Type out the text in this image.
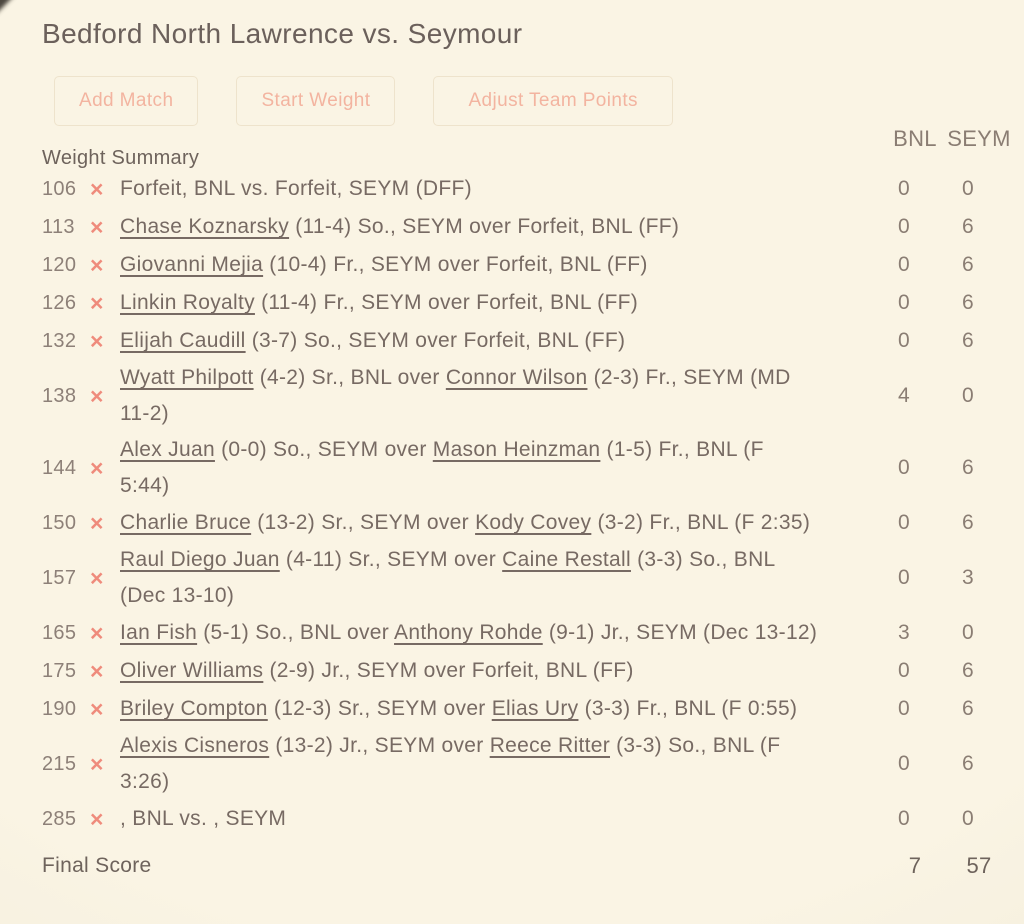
Bedford North Lawrence vs. Seymour
Add Match	Start Weight	Adjust Team Points
Weight Summary
BNL SEYM
106 × Forfeit, BNL vs. Forfeit, SEYM (DFF)	0	0
113 × Chase Koznarsky (11-4) So., SEYM over Forfeit, BNL (FF)	0	6
120 × Giovanni Mejia (10-4) Fr., SEYM over Forfeit, BNL (FF)	0	6
126 × Linkin Royalty (11-4) Fr., SEYM over Forfeit, BNL (FF)	0	6
132 × Elijah Caudill (3-7) So., SEYM over Forfeit, BNL (FF)	0	6
138 ×
Wyatt Philpott (4-2) Sr., BNL over Connor Wilson (2-3) Fr., SEYM (MD
11-2)
4	0
144 ×
Alex Juan (0-0) So., SEYM over Mason Heinzman (1-5) Fr., BNL (F
5:44)
0	6
150 × Charlie Bruce (13-2) Sr., SEYM over Kody Covey (3-2) Fr., BNL (F 2:35)	0	6
157 ×
Raul Diego Juan (4-11) Sr., SEYM over Caine Restall (3-3) So., BNL
(Dec 13-10)
0	3
165 × Ian Fish (5-1) So., BNL over Anthony Rohde (9-1) Jr., SEYM (Dec 13-12)	3	0
175 × Oliver Williams (2-9) Jr., SEYM over Forfeit, BNL (FF)	0	6
190 × Briley Compton (12-3) Sr., SEYM over Elias Ury (3-3) Fr., BNL (F 0:55)	0	6
215 ×
Alexis Cisneros (13-2) Jr., SEYM over Reece Ritter (3-3) So., BNL (F
3:26)
0	6
285 × , BNL vs. , SEYM	0	0
Final Score	7	57
